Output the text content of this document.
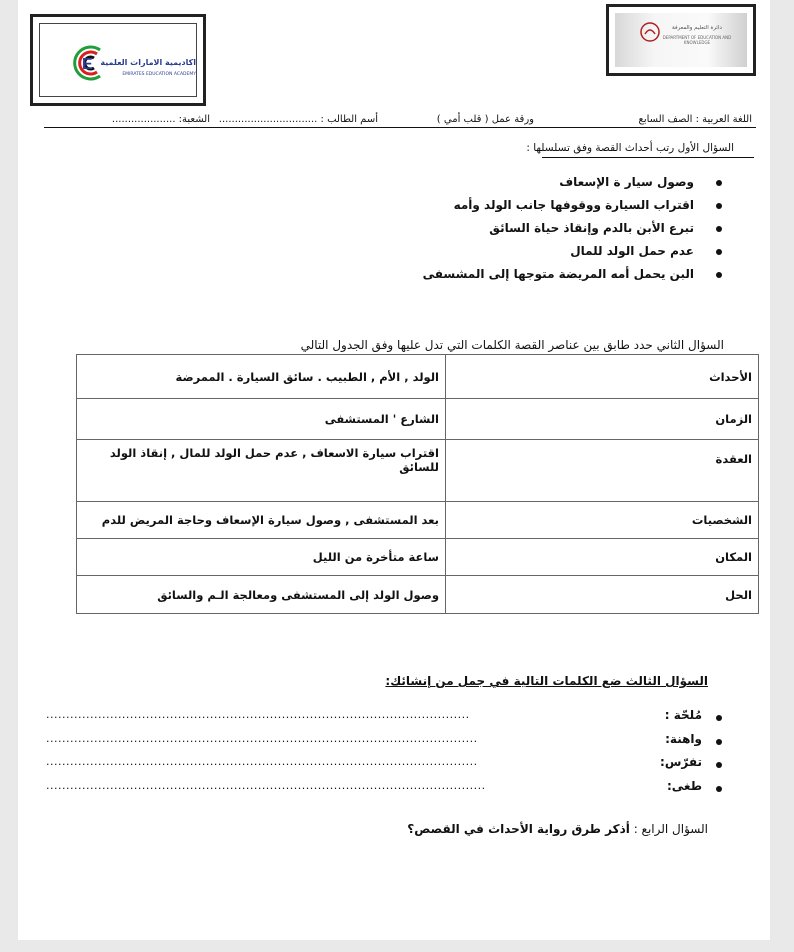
E اكاديمية الامارات العلمية
EMIRATES EDUCATION ACADEMY
دائرة التعليم والمعرفة
DEPARTMENT OF EDUCATION AND KNOWLEDGE
اللغة العربية : الصف السابع
ورقة عمل ( قلب أمي )
أسم الطالب : ...............................
الشعبة: ....................
السؤال الأول رتب أحداث القصة وفق تسلسلها :
وصول سيار ة الإسعاف
اقتراب السيارة ووقوفها جانب الولد وأمه
تبرع الأبن بالدم وإنقاذ حياة السائق
عدم حمل الولد للمال
البن يحمل أمه المريضة متوجها إلى المشسفى
السؤال الثاني حدد طابق بين عناصر القصة الكلمات التي تدل عليها وفق الجدول التالي
الأحداث	الولد , الأم , الطبيب . سائق السيارة . الممرضة
الزمان	الشارع ' المستشفى
العقدة	اقتراب سيارة الاسعاف , عدم حمل الولد للمال , إنقاذ الولد للسائق
الشخصيات	بعد المستشفى , وصول سيارة الإسعاف وحاجة المريض للدم
المكان	ساعة متأخرة من الليل
الحل	وصول الولد إلى المستشفى ومعالجة الـم والسائق
السؤال الثالث ضع الكلمات التالية في جمل من إنشائك:
مُلحّة :
..........................................................................................................
واهنة:
............................................................................................................
تفرّس:
............................................................................................................
طغى:
..............................................................................................................
السؤال الرابع : أذكر طرق رواية الأحداث في القصص؟
